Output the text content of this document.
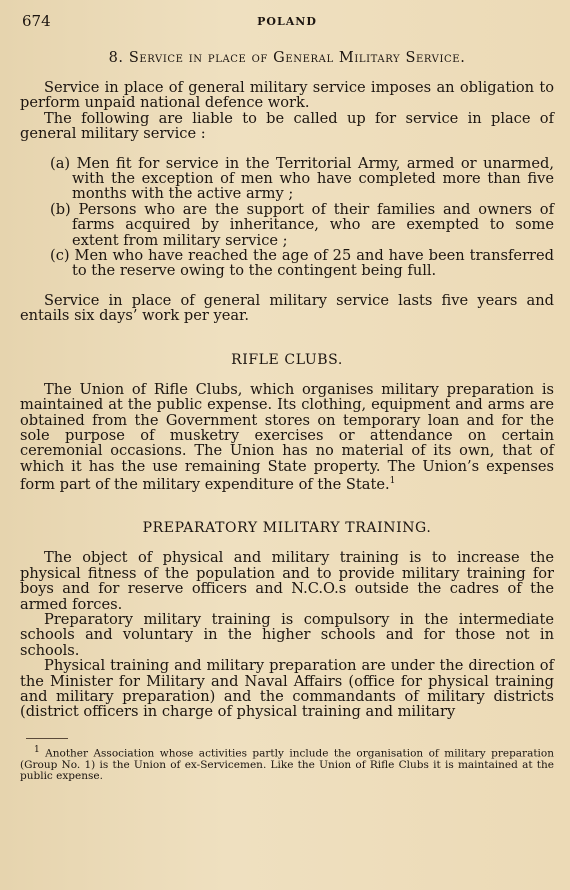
674	POLAND
8. Service in place of General Military Service.

Service in place of general military service imposes an obligation to perform unpaid national defence work.

The following are liable to be called up for service in place of general military service :

(a) Men fit for service in the Territorial Army, armed or unarmed, with the exception of men who have completed more than five months with the active army ;

(b) Persons who are the support of their families and owners of farms acquired by inheritance, who are exempted to some extent from military service ;

(c) Men who have reached the age of 25 and have been transferred to the reserve owing to the contingent being full.

Service in place of general military service lasts five years and entails six days’ work per year.

RIFLE CLUBS.

The Union of Rifle Clubs, which organises military preparation is maintained at the public expense. Its clothing, equipment and arms are obtained from the Government stores on temporary loan and for the sole purpose of musketry exercises or attendance on certain ceremonial occasions. The Union has no material of its own, that of which it has the use remaining State property. The Union’s expenses form part of the military expenditure of the State.$^1$

PREPARATORY MILITARY TRAINING.

The object of physical and military training is to increase the physical fitness of the population and to provide military training for boys and for reserve officers and N.C.O.s outside the cadres of the armed forces.

Preparatory military training is compulsory in the intermediate schools and voluntary in the higher schools and for those not in schools.

Physical training and military preparation are under the direction of the Minister for Military and Naval Affairs (office for physical training and military preparation) and the commandants of military districts (district officers in charge of physical training and military

$^1$ Another Association whose activities partly include the organisation of military preparation (Group No. 1) is the Union of ex-Servicemen. Like the Union of Rifle Clubs it is maintained at the public expense.
